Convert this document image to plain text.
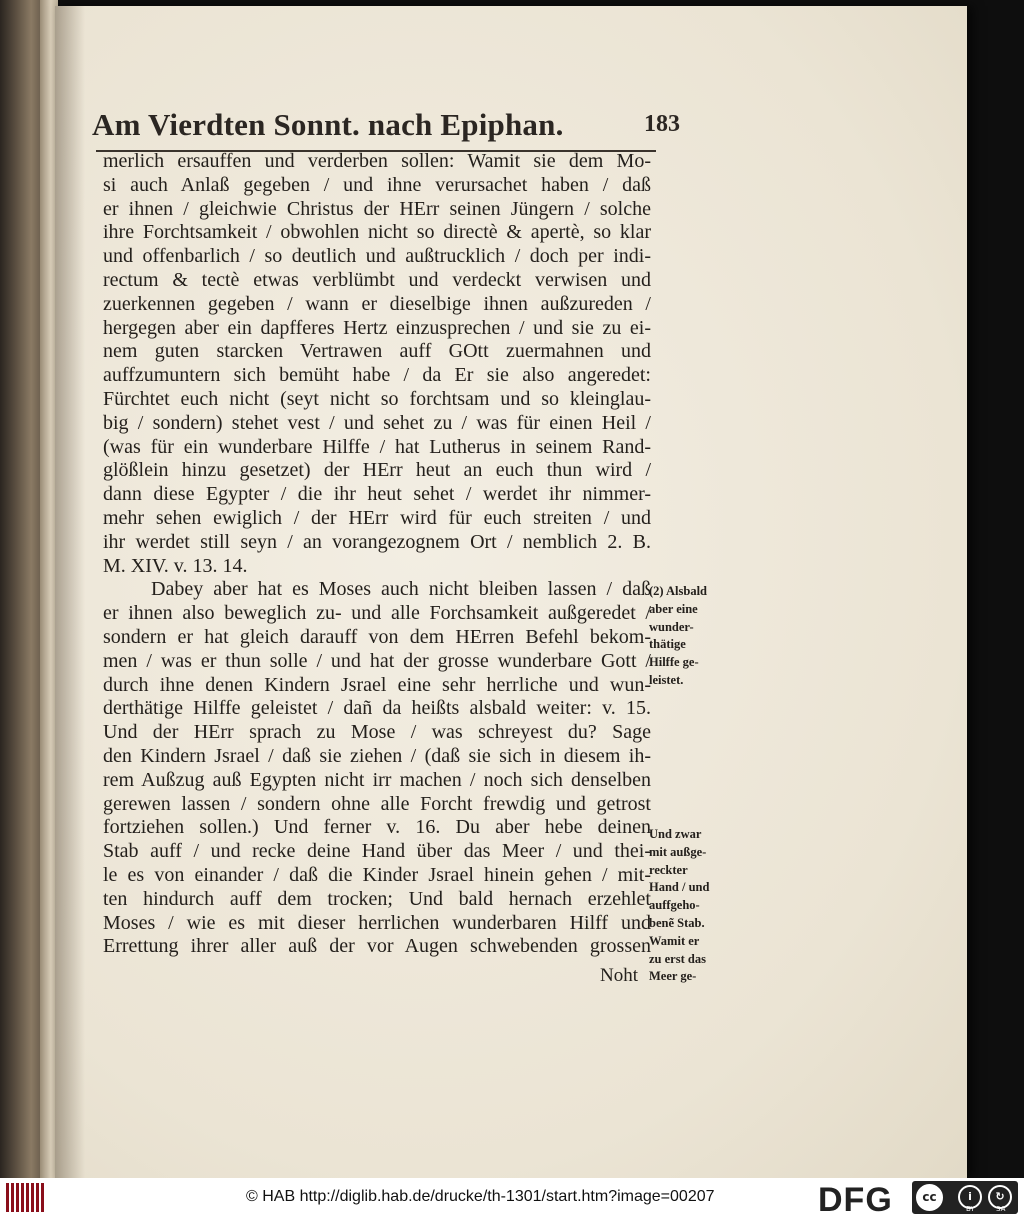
Am Vierdten Sonnt. nach Epiphan.	183
merlich ersauffen und verderben sollen: Wamit sie dem Mo-
si auch Anlaß gegeben / und ihne verursachet haben / daß
er ihnen / gleichwie Christus der HErr seinen Jüngern / solche
ihre Forchtsamkeit / obwohlen nicht so directè & apertè, so klar
und offenbarlich / so deutlich und außtrucklich / doch per indi-
rectum & tectè etwas verblümbt und verdeckt verwisen und
zuerkennen gegeben / wann er dieselbige ihnen außzureden /
hergegen aber ein dapfferes Hertz einzusprechen / und sie zu ei-
nem guten starcken Vertrawen auff GOtt zuermahnen und
auffzumuntern sich bemüht habe / da Er sie also angeredet:
Fürchtet euch nicht (seyt nicht so forchtsam und so kleinglau-
big / sondern) stehet vest / und sehet zu / was für einen Heil /
(was für ein wunderbare Hilffe / hat Lutherus in seinem Rand-
glößlein hinzu gesetzet) der HErr heut an euch thun wird /
dann diese Egypter / die ihr heut sehet / werdet ihr nimmer-
mehr sehen ewiglich / der HErr wird für euch streiten / und
ihr werdet still seyn / an vorangezognem Ort / nemblich 2. B.
M. XIV. v. 13. 14.
Dabey aber hat es Moses auch nicht bleiben lassen / daß
er ihnen also beweglich zu- und alle Forchsamkeit außgeredet /
sondern er hat gleich darauff von dem HErren Befehl bekom-
men / was er thun solle / und hat der grosse wunderbare Gott /
durch ihne denen Kindern Jsrael eine sehr herrliche und wun-
derthätige Hilffe geleistet / dañ da heißts alsbald weiter: v. 15.
Und der HErr sprach zu Mose / was schreyest du? Sage
den Kindern Jsrael / daß sie ziehen / (daß sie sich in diesem ih-
rem Außzug auß Egypten nicht irr machen / noch sich denselben
gerewen lassen / sondern ohne alle Forcht frewdig und getrost
fortziehen sollen.) Und ferner v. 16. Du aber hebe deinen
Stab auff / und recke deine Hand über das Meer / und thei-
le es von einander / daß die Kinder Jsrael hinein gehen / mit-
ten hindurch auff dem trocken; Und bald hernach erzehlet
Moses / wie es mit dieser herrlichen wunderbaren Hilff und
Errettung ihrer aller auß der vor Augen schwebenden grossen
(2) Alsbald
aber eine
wunder-
thätige
Hilffe ge-
leistet.
Und zwar
mit außge-
reckter
Hand / und
auffgeho-
benẽ Stab.
Wamit er
zu erst das
Meer ge-
Noht
© HAB http://diglib.hab.de/drucke/th-1301/start.htm?image=00207	DFG	cc	i	↻
BY	SA
